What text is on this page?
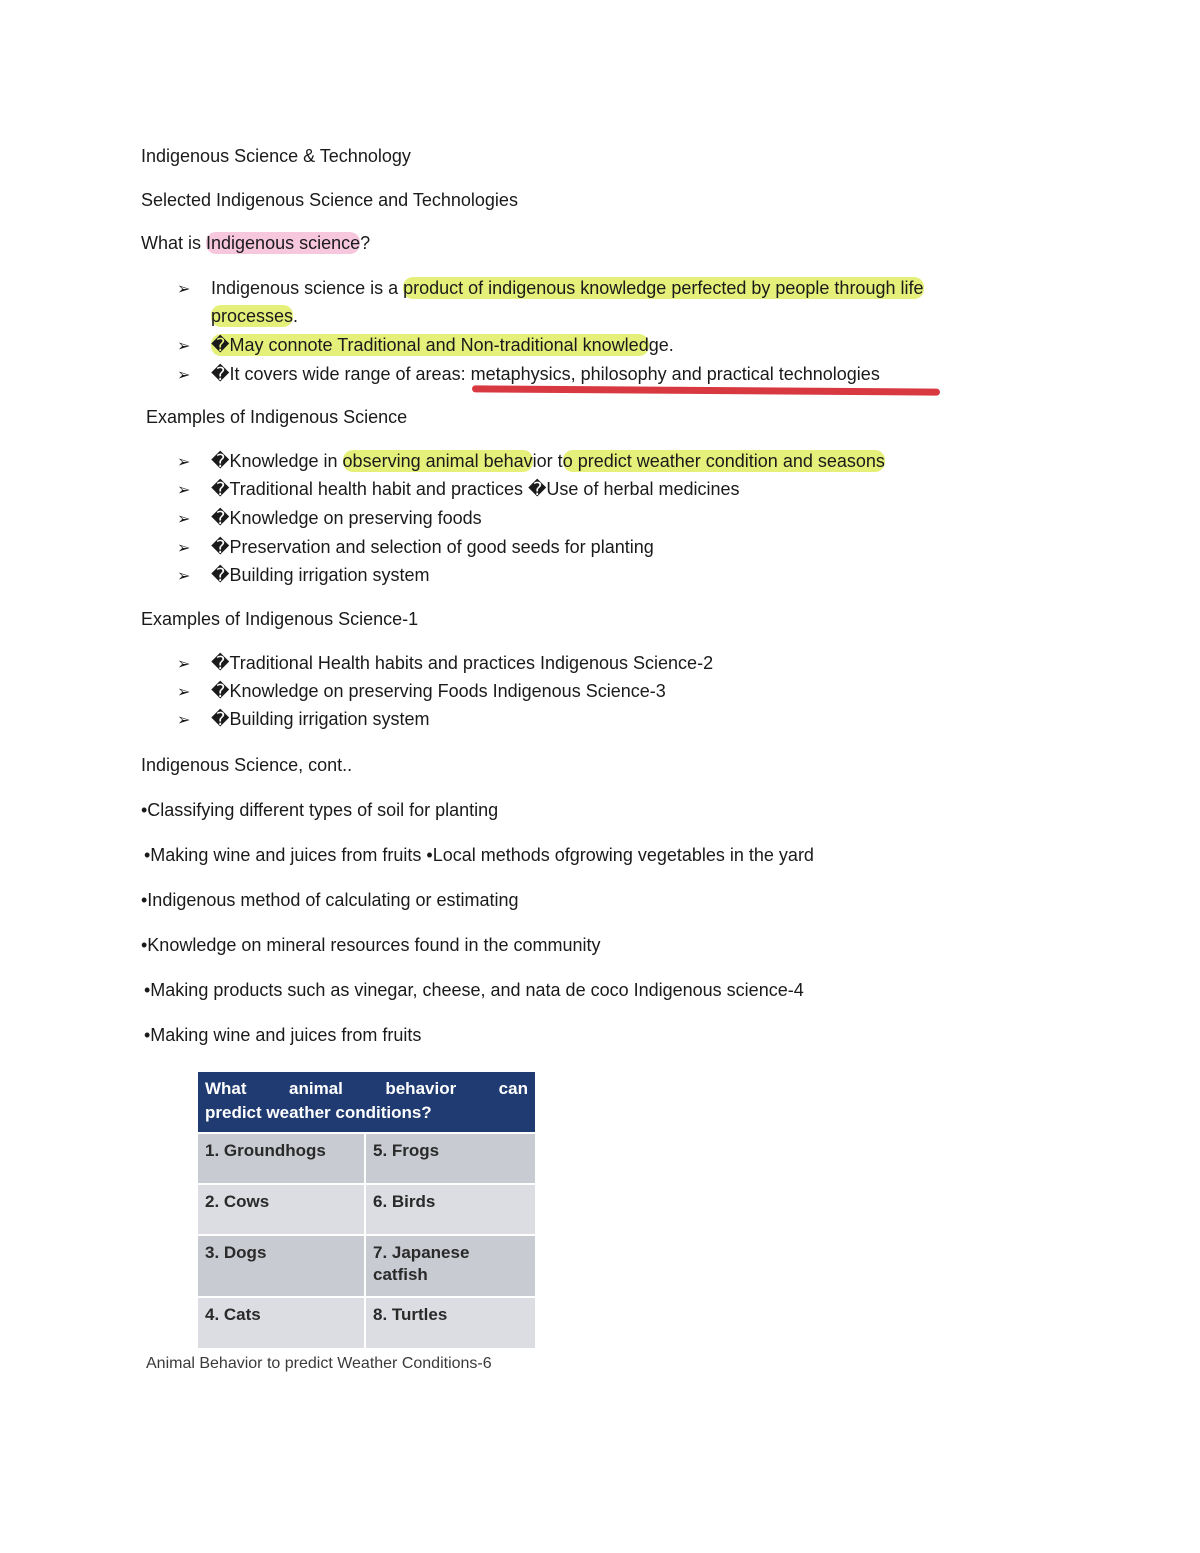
Indigenous Science & Technology
Selected Indigenous Science and Technologies
What is Indigenous science?
➢ Indigenous science is a product of indigenous knowledge perfected by people through life
processes.
➢ �May connote Traditional and Non-traditional knowledge.
➢ �It covers wide range of areas: metaphysics, philosophy and practical technologies
Examples of Indigenous Science
➢ �Knowledge in observing animal behavior to predict weather condition and seasons
➢ �Traditional health habit and practices �Use of herbal medicines
➢ �Knowledge on preserving foods
➢ �Preservation and selection of good seeds for planting
➢ �Building irrigation system
Examples of Indigenous Science-1
➢ �Traditional Health habits and practices Indigenous Science-2
➢ �Knowledge on preserving Foods Indigenous Science-3
➢ �Building irrigation system
Indigenous Science, cont..
•Classifying different types of soil for planting
•Making wine and juices from fruits •Local methods ofgrowing vegetables in the yard
•Indigenous method of calculating or estimating
•Knowledge on mineral resources found in the community
•Making products such as vinegar, cheese, and nata de coco Indigenous science-4
•Making wine and juices from fruits
What animal behavior can
predict weather conditions?
1. Groundhogs	5. Frogs
2. Cows	6. Birds
3. Dogs	7. Japanese catfish
4. Cats	8. Turtles
Animal Behavior to predict Weather Conditions-6
